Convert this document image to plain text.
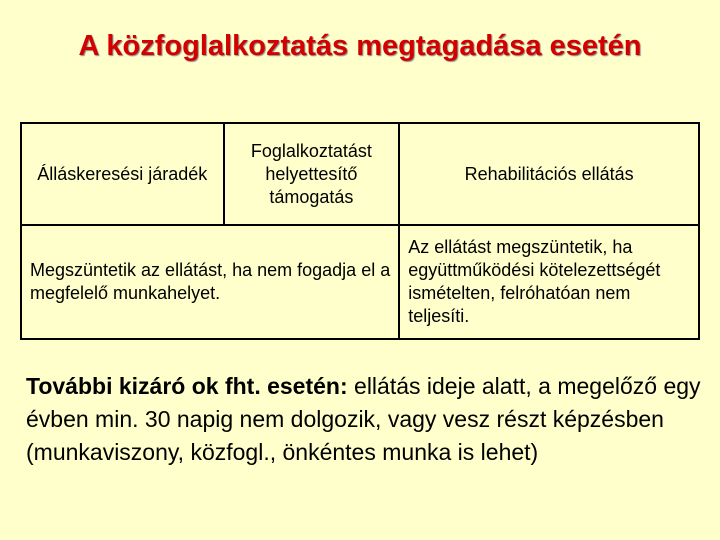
A közfoglalkoztatás megtagadása esetén
Álláskeresési járadék	Foglalkoztatást helyettesítő támogatás	Rehabilitációs ellátás
Megszüntetik az ellátást, ha nem fogadja el a megfelelő munkahelyet.		Az ellátást megszüntetik, ha együttműködési kötelezettségét ismételten, felróhatóan nem teljesíti.
További kizáró ok fht. esetén: ellátás ideje alatt, a megelőző egy évben min. 30 napig nem dolgozik, vagy vesz részt képzésben (munkaviszony, közfogl., önkéntes munka is lehet)
